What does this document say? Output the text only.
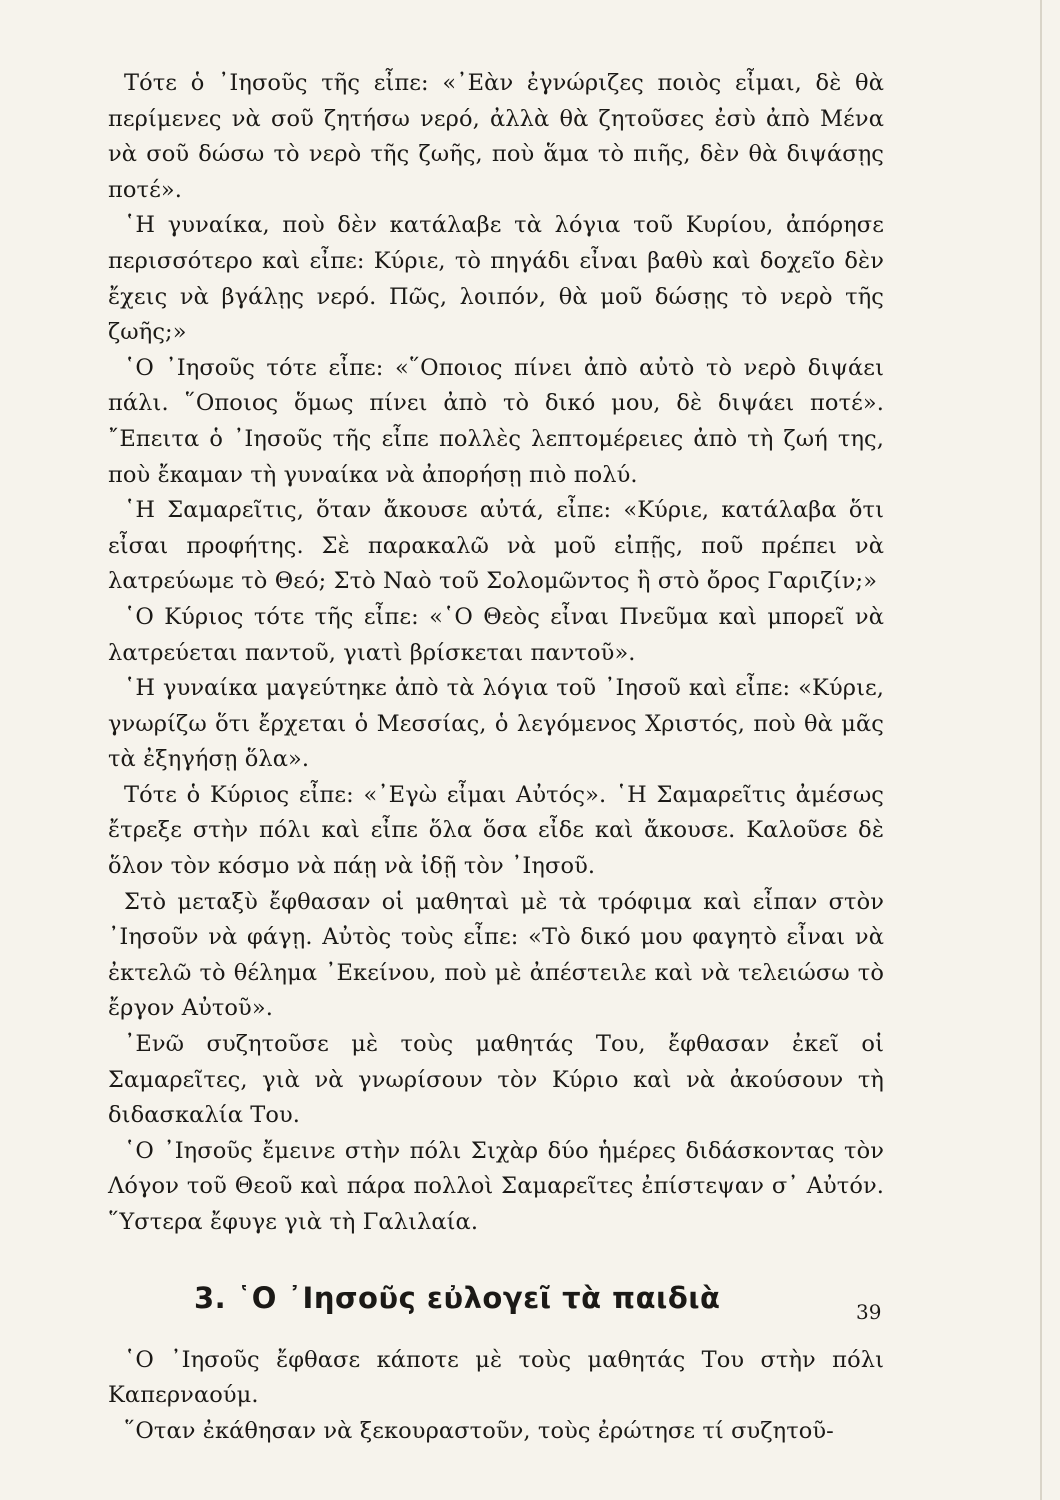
Τότε ὁ ᾿Ιησοῦς τῆς εἶπε: «᾿Εὰν ἐγνώριζες ποιὸς εἶμαι, δὲ θὰ περίμενες νὰ σοῦ ζητήσω νερό, ἀλλὰ θὰ ζητοῦσες ἐσὺ ἀπὸ Μένα νὰ σοῦ δώσω τὸ νερὸ τῆς ζωῆς, ποὺ ἅμα τὸ πιῆς, δὲν θὰ διψάσῃς ποτέ».

῾Η γυναίκα, ποὺ δὲν κατάλαβε τὰ λόγια τοῦ Κυρίου, ἀπόρησε περισσότερο καὶ εἶπε: Κύριε, τὸ πηγάδι εἶναι βαθὺ καὶ δοχεῖο δὲν ἔχεις νὰ βγάλῃς νερό. Πῶς, λοιπόν, θὰ μοῦ δώσῃς τὸ νερὸ τῆς ζωῆς;»

῾Ο ᾿Ιησοῦς τότε εἶπε: «῞Οποιος πίνει ἀπὸ αὐτὸ τὸ νερὸ διψάει πάλι. ῞Οποιος ὅμως πίνει ἀπὸ τὸ δικό μου, δὲ διψάει ποτέ». ῎Επειτα ὁ ᾿Ιησοῦς τῆς εἶπε πολλὲς λεπτομέρειες ἀπὸ τὴ ζωή της, ποὺ ἔκαμαν τὴ γυναίκα νὰ ἀπορήσῃ πιὸ πολύ.

῾Η Σαμαρεῖτις, ὅταν ἄκουσε αὐτά, εἶπε: «Κύριε, κατάλαβα ὅτι εἶσαι προφήτης. Σὲ παρακαλῶ νὰ μοῦ εἰπῇς, ποῦ πρέπει νὰ λατρεύωμε τὸ Θεό; Στὸ Ναὸ τοῦ Σολομῶντος ἢ στὸ ὄρος Γαριζίν;»

῾Ο Κύριος τότε τῆς εἶπε: «῾Ο Θεὸς εἶναι Πνεῦμα καὶ μπορεῖ νὰ λατρεύεται παντοῦ, γιατὶ βρίσκεται παντοῦ».

῾Η γυναίκα μαγεύτηκε ἀπὸ τὰ λόγια τοῦ ᾿Ιησοῦ καὶ εἶπε: «Κύριε, γνωρίζω ὅτι ἔρχεται ὁ Μεσσίας, ὁ λεγόμενος Χριστός, ποὺ θὰ μᾶς τὰ ἐξηγήσῃ ὅλα».

Τότε ὁ Κύριος εἶπε: «᾿Εγὼ εἶμαι Αὐτός». ῾Η Σαμαρεῖτις ἀμέσως ἔτρεξε στὴν πόλι καὶ εἶπε ὅλα ὅσα εἶδε καὶ ἄκουσε. Καλοῦσε δὲ ὅλον τὸν κόσμο νὰ πάῃ νὰ ἰδῇ τὸν ᾿Ιησοῦ.

Στὸ μεταξὺ ἔφθασαν οἱ μαθηταὶ μὲ τὰ τρόφιμα καὶ εἶπαν στὸν ᾿Ιησοῦν νὰ φάγῃ. Αὐτὸς τοὺς εἶπε: «Τὸ δικό μου φαγητὸ εἶναι νὰ ἐκτελῶ τὸ θέλημα ᾿Εκείνου, ποὺ μὲ ἀπέστειλε καὶ νὰ τελειώσω τὸ ἔργον Αὐτοῦ».

᾿Ενῶ συζητοῦσε μὲ τοὺς μαθητάς Του, ἔφθασαν ἐκεῖ οἱ Σαμαρεῖτες, γιὰ νὰ γνωρίσουν τὸν Κύριο καὶ νὰ ἀκούσουν τὴ διδασκαλία Του.

῾Ο ᾿Ιησοῦς ἔμεινε στὴν πόλι Σιχὰρ δύο ἡμέρες διδάσκοντας τὸν Λόγον τοῦ Θεοῦ καὶ πάρα πολλοὶ Σαμαρεῖτες ἐπίστεψαν σ᾿ Αὐτόν. ῞Υστερα ἔφυγε γιὰ τὴ Γαλιλαία.

3. ῾Ο ᾿Ιησοῦς εὐλογεῖ τὰ παιδιὰ

῾Ο ᾿Ιησοῦς ἔφθασε κάποτε μὲ τοὺς μαθητάς Του στὴν πόλι Καπερναούμ.

῞Οταν ἐκάθησαν νὰ ξεκουραστοῦν, τοὺς ἐρώτησε τί συζητοῦ-

39
